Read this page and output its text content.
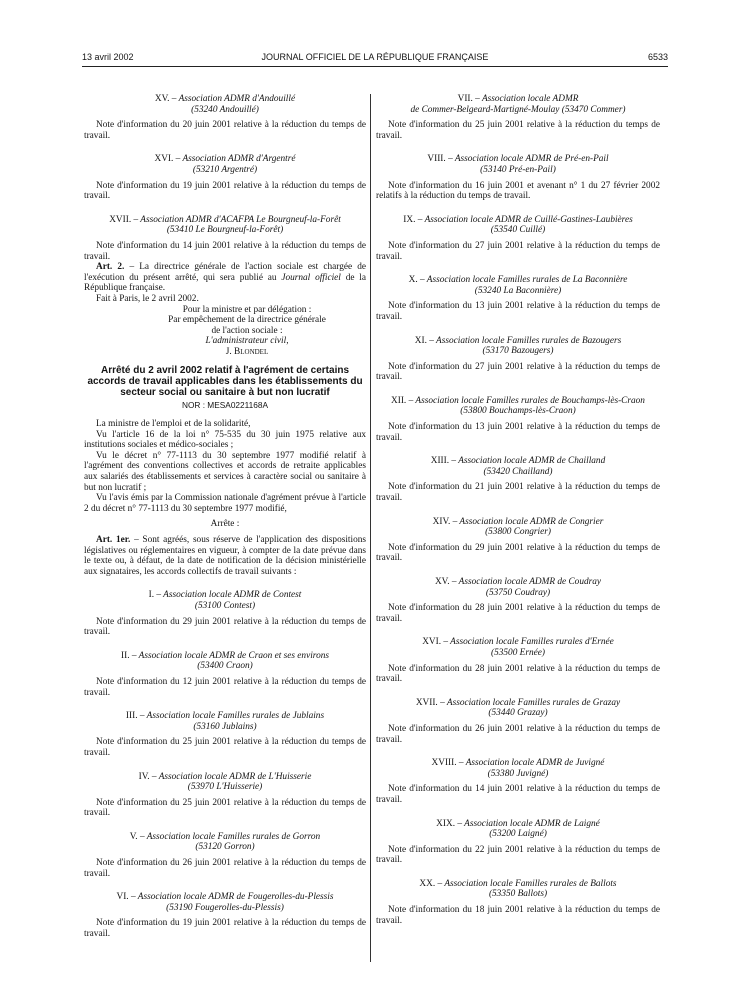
13 avril 2002	JOURNAL OFFICIEL DE LA RÉPUBLIQUE FRANÇAISE	6533

XV. – Association ADMR d'Andouillé

(53240 Andouillé)

Note d'information du 20 juin 2001 relative à la réduction du temps de travail.

XVI. – Association ADMR d'Argentré

(53210 Argentré)

Note d'information du 19 juin 2001 relative à la réduction du temps de travail.

XVII. – Association ADMR d'ACAFPA Le Bourgneuf-la-Forêt

(53410 Le Bourgneuf-la-Forêt)

Note d'information du 14 juin 2001 relative à la réduction du temps de travail.

Art. 2. – La directrice générale de l'action sociale est chargée de l'exécution du présent arrêté, qui sera publié au Journal officiel de la République française.

Fait à Paris, le 2 avril 2002.

Pour la ministre et par délégation :
Par empêchement de la directrice générale
de l'action sociale :
L'administrateur civil,
J. Blondel

Arrêté du 2 avril 2002 relatif à l'agrément de certains accords de travail applicables dans les établissements du secteur social ou sanitaire à but non lucratif

NOR : MESA0221168A

La ministre de l'emploi et de la solidarité,

Vu l'article 16 de la loi n° 75-535 du 30 juin 1975 relative aux institutions sociales et médico-sociales ;

Vu le décret n° 77-1113 du 30 septembre 1977 modifié relatif à l'agrément des conventions collectives et accords de retraite applicables aux salariés des établissements et services à caractère social ou sanitaire à but non lucratif ;

Vu l'avis émis par la Commission nationale d'agrément prévue à l'article 2 du décret n° 77-1113 du 30 septembre 1977 modifié,

Arrête :

Art. 1er. – Sont agréés, sous réserve de l'application des dispositions législatives ou réglementaires en vigueur, à compter de la date prévue dans le texte ou, à défaut, de la date de notification de la décision ministérielle aux signataires, les accords collectifs de travail suivants :

I. – Association locale ADMR de Contest

(53100 Contest)

Note d'information du 29 juin 2001 relative à la réduction du temps de travail.

II. – Association locale ADMR de Craon et ses environs

(53400 Craon)

Note d'information du 12 juin 2001 relative à la réduction du temps de travail.

III. – Association locale Familles rurales de Jublains

(53160 Jublains)

Note d'information du 25 juin 2001 relative à la réduction du temps de travail.

IV. – Association locale ADMR de L'Huisserie

(53970 L'Huisserie)

Note d'information du 25 juin 2001 relative à la réduction du temps de travail.

V. – Association locale Familles rurales de Gorron

(53120 Gorron)

Note d'information du 26 juin 2001 relative à la réduction du temps de travail.

VI. – Association locale ADMR de Fougerolles-du-Plessis

(53190 Fougerolles-du-Plessis)

Note d'information du 19 juin 2001 relative à la réduction du temps de travail.

VII. – Association locale ADMR

de Commer-Belgeard-Martigné-Moulay (53470 Commer)

Note d'information du 25 juin 2001 relative à la réduction du temps de travail.

VIII. – Association locale ADMR de Pré-en-Pail

(53140 Pré-en-Pail)

Note d'information du 16 juin 2001 et avenant n° 1 du 27 février 2002 relatifs à la réduction du temps de travail.

IX. – Association locale ADMR de Cuillé-Gastines-Laubières

(53540 Cuillé)

Note d'information du 27 juin 2001 relative à la réduction du temps de travail.

X. – Association locale Familles rurales de La Baconnière

(53240 La Baconnière)

Note d'information du 13 juin 2001 relative à la réduction du temps de travail.

XI. – Association locale Familles rurales de Bazougers

(53170 Bazougers)

Note d'information du 27 juin 2001 relative à la réduction du temps de travail.

XII. – Association locale Familles rurales de Bouchamps-lès-Craon

(53800 Bouchamps-lès-Craon)

Note d'information du 13 juin 2001 relative à la réduction du temps de travail.

XIII. – Association locale ADMR de Chailland

(53420 Chailland)

Note d'information du 21 juin 2001 relative à la réduction du temps de travail.

XIV. – Association locale ADMR de Congrier

(53800 Congrier)

Note d'information du 29 juin 2001 relative à la réduction du temps de travail.

XV. – Association locale ADMR de Coudray

(53750 Coudray)

Note d'information du 28 juin 2001 relative à la réduction du temps de travail.

XVI. – Association locale Familles rurales d'Ernée

(53500 Ernée)

Note d'information du 28 juin 2001 relative à la réduction du temps de travail.

XVII. – Association locale Familles rurales de Grazay

(53440 Grazay)

Note d'information du 26 juin 2001 relative à la réduction du temps de travail.

XVIII. – Association locale ADMR de Juvigné

(53380 Juvigné)

Note d'information du 14 juin 2001 relative à la réduction du temps de travail.

XIX. – Association locale ADMR de Laigné

(53200 Laigné)

Note d'information du 22 juin 2001 relative à la réduction du temps de travail.

XX. – Association locale Familles rurales de Ballots

(53350 Ballots)

Note d'information du 18 juin 2001 relative à la réduction du temps de travail.
